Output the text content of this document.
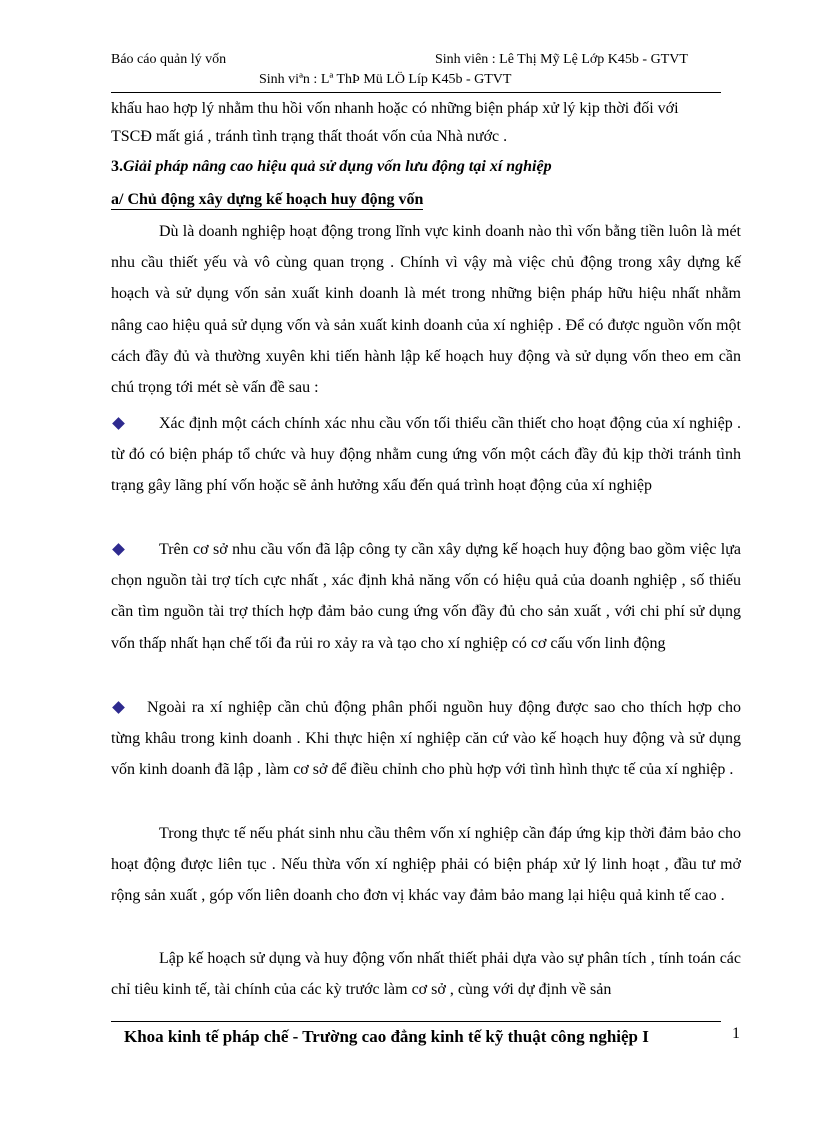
Báo cáo quản lý vốn	Sinh viên : Lê Thị Mỹ Lệ Lớp K45b - GTVT
Sinh viªn : Lª ThÞ Mü LÖ Líp K45b - GTVT
khấu hao hợp lý nhằm thu hồi vốn nhanh hoặc có những biện pháp xử lý kịp thời đối với
TSCĐ mất giá , tránh tình trạng thất thoát vốn của Nhà nước .
3.Giải pháp nâng cao hiệu quả sử dụng vốn lưu động tại xí nghiệp
a/ Chủ động xây dựng kế hoạch huy động vốn
Dù là doanh nghiệp hoạt động trong lĩnh vực kinh doanh nào thì vốn bằng tiền luôn là mét nhu cầu thiết yếu và vô cùng quan trọng . Chính vì vậy mà việc chủ động trong xây dựng kế hoạch và sử dụng vốn sản xuất kinh doanh là mét trong những biện pháp hữu hiệu nhất nhằm nâng cao hiệu quả sử dụng vốn và sản xuất kinh doanh của xí nghiệp . Để có được nguồn vốn một cách đầy đủ và thường xuyên khi tiến hành lập kế hoạch huy động và sử dụng vốn theo em cần chú trọng tới mét sè vấn đề sau :
Xác định một cách chính xác nhu cầu vốn tối thiểu cần thiết cho hoạt động của xí nghiệp . từ đó có biện pháp tổ chức và huy động nhằm cung ứng vốn một cách đầy đủ kịp thời tránh tình trạng gây lãng phí vốn hoặc sẽ ảnh hưởng xấu đến quá trình hoạt động của xí nghiệp
Trên cơ sở nhu cầu vốn đã lập công ty cần xây dựng kế hoạch huy động bao gồm việc lựa chọn nguồn tài trợ tích cực nhất , xác định khả năng vốn có hiệu quả của doanh nghiệp , số thiếu cần tìm nguồn tài trợ thích hợp đảm bảo cung ứng vốn đầy đủ cho sản xuất , với chi phí sử dụng vốn thấp nhất hạn chế tối đa rủi ro xảy ra và tạo cho xí nghiệp có cơ cấu vốn linh động
Ngoài ra xí nghiệp cần chủ động phân phối nguồn huy động được sao cho thích hợp cho từng khâu trong kinh doanh . Khi thực hiện xí nghiệp căn cứ vào kế hoạch huy động và sử dụng vốn kinh doanh đã lập , làm cơ sở để điều chỉnh cho phù hợp với tình hình thực tế của xí nghiệp .
Trong thực tế nếu phát sinh nhu cầu thêm vốn xí nghiệp cần đáp ứng kịp thời đảm bảo cho hoạt động được liên tục . Nếu thừa vốn xí nghiệp phải có biện pháp xử lý linh hoạt , đầu tư mở rộng sản xuất , góp vốn liên doanh cho đơn vị khác vay đảm bảo mang lại hiệu quả kinh tế cao .
Lập kế hoạch sử dụng và huy động vốn nhất thiết phải dựa vào sự phân tích , tính toán các chỉ tiêu kinh tế, tài chính của các kỳ trước làm cơ sở , cùng với dự định về sản
Khoa kinh tế pháp chế - Trường cao đẳng kinh tế kỹ thuật công nghiệp I	1
